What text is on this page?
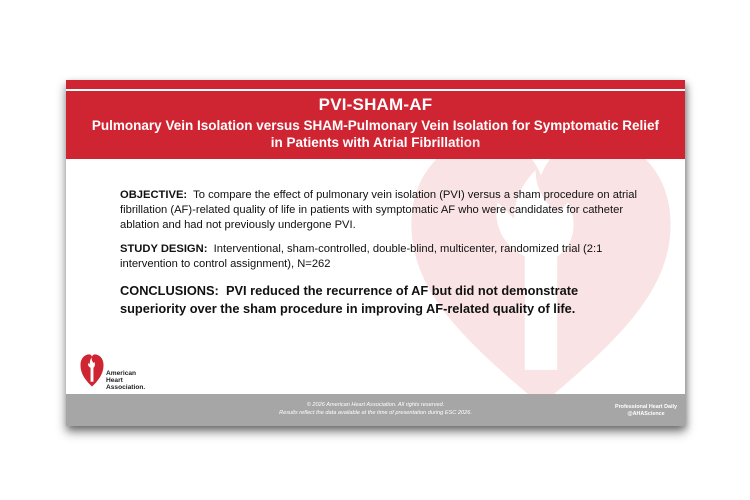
PVI-SHAM-AF
Pulmonary Vein Isolation versus SHAM-Pulmonary Vein Isolation for Symptomatic Relief
in Patients with Atrial Fibrillation

OBJECTIVE: To compare the effect of pulmonary vein isolation (PVI) versus a sham procedure on atrial fibrillation (AF)-related quality of life in patients with symptomatic AF who were candidates for catheter ablation and had not previously undergone PVI.

STUDY DESIGN: Interventional, sham-controlled, double-blind, multicenter, randomized trial (2:1 intervention to control assignment), N=262

CONCLUSIONS: PVI reduced the recurrence of AF but did not demonstrate superiority over the sham procedure in improving AF-related quality of life.

American
Heart
Association.
© 2026 American Heart Association. All rights reserved.
Results reflect the data available at the time of presentation during ESC 2026.
Professional Heart Daily
@AHAScience
